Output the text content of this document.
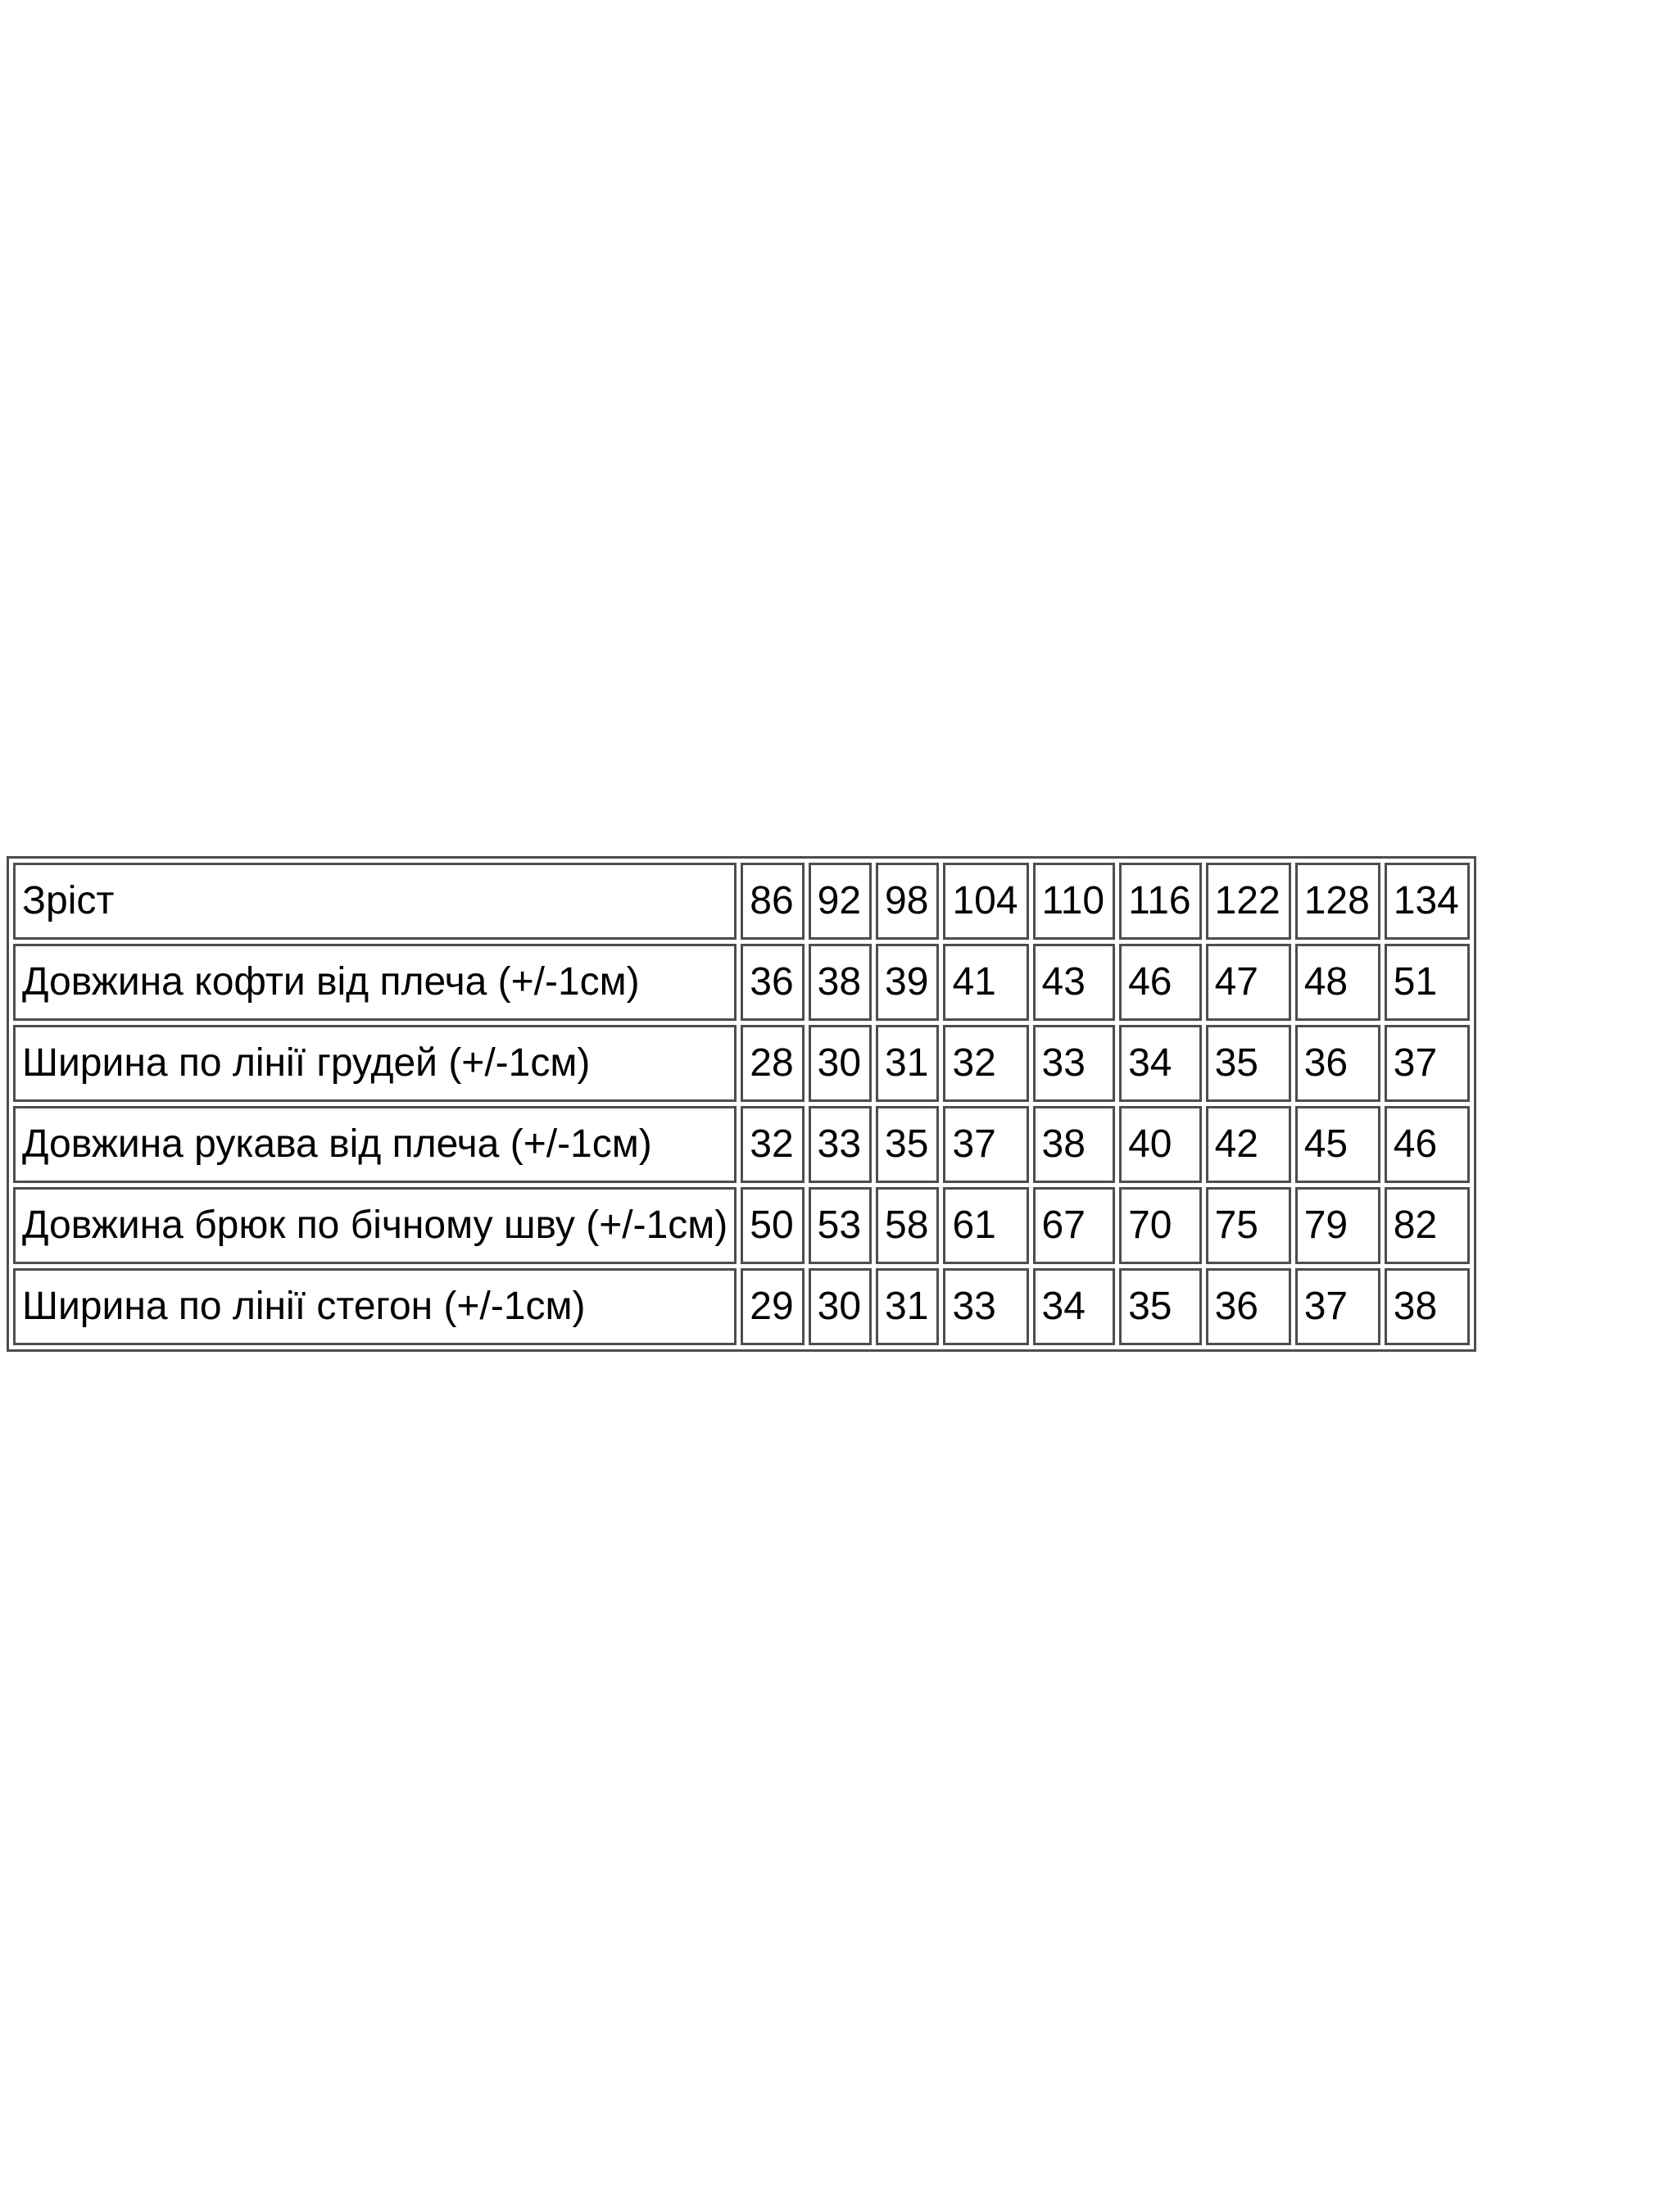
Зріст	86	92	98	104	110	116	122	128	134
Довжина кофти від плеча (+/-1см)	36	38	39	41	43	46	47	48	51
Ширина по лінії грудей (+/-1см)	28	30	31	32	33	34	35	36	37
Довжина рукава від плеча (+/-1см)	32	33	35	37	38	40	42	45	46
Довжина брюк по бічному шву (+/-1см)	50	53	58	61	67	70	75	79	82
Ширина по лінії стегон (+/-1см)	29	30	31	33	34	35	36	37	38
